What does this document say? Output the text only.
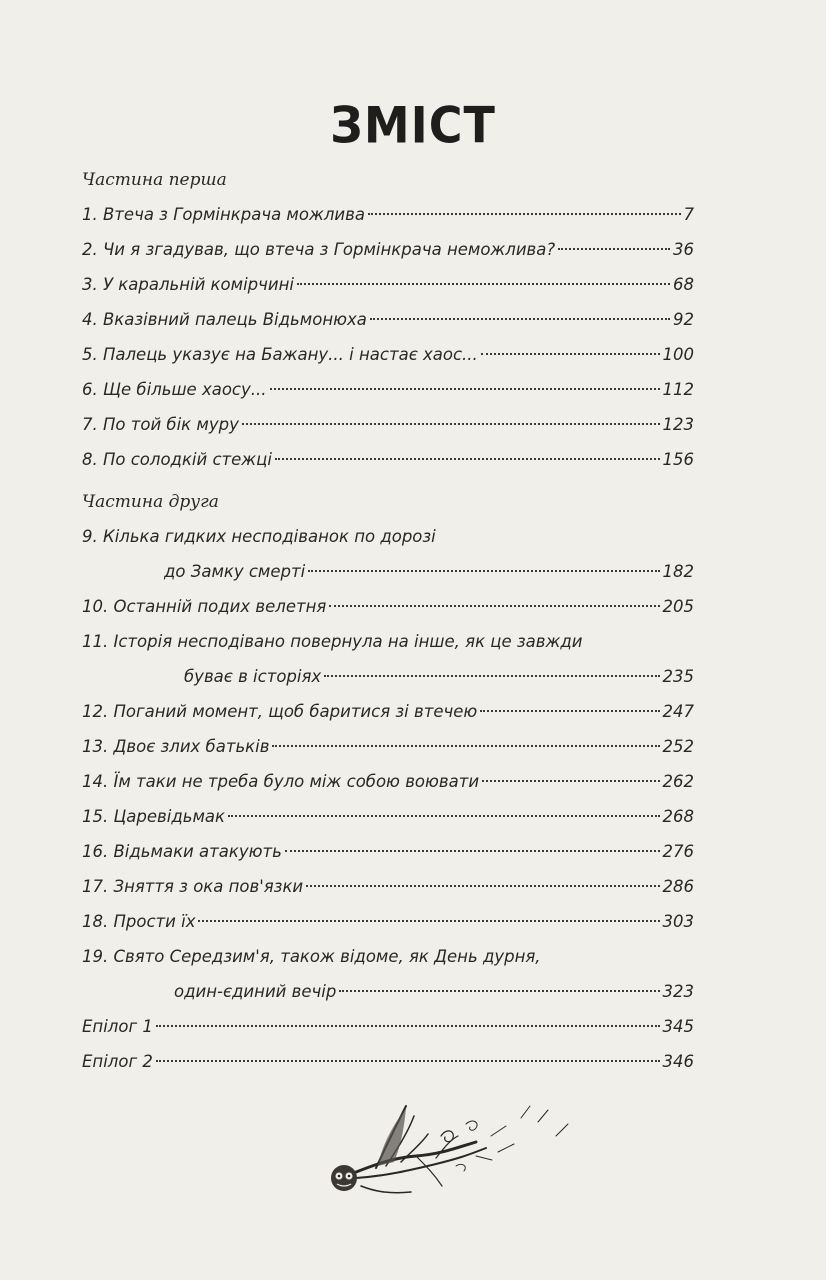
ЗМІСТ
Частина перша
1. Втеча з Гормінкрача можлива	7
2. Чи я згадував, що втеча з Гормінкрача неможлива?	36
3. У каральній комірчині	68
4. Вказівний палець Відьмонюха	92
5. Палець указує на Бажану... і настає хаос...	100
6. Ще більше хаосу...	112
7. По той бік муру	123
8. По солодкій стежці	156
Частина друга
9. Кілька гидких несподіванок по дорозі
до Замку смерті	182
10. Останній подих велетня	205
11. Історія несподівано повернула на інше, як це завжди
буває в історіях	235
12. Поганий момент, щоб баритися зі втечею	247
13. Двоє злих батьків	252
14. Їм таки не треба було між собою воювати	262
15. Царевідьмак	268
16. Відьмаки атакують	276
17. Зняття з ока пов'язки	286
18. Прости їх	303
19. Свято Середзим'я, також відоме, як День дурня,
один-єдиний вечір	323
Епілог 1	345
Епілог 2	346
